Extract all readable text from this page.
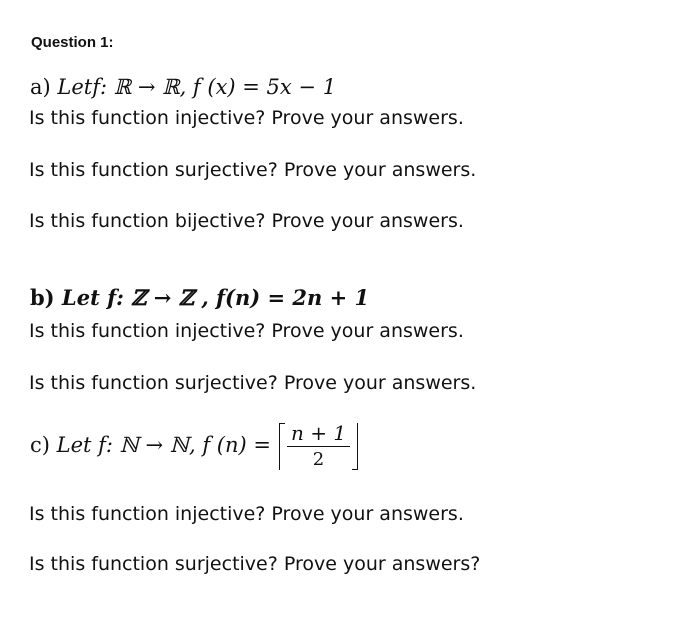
Question 1:
a) Letf: ℝ → ℝ, f (x) = 5x − 1
Is this function injective? Prove your answers.
Is this function surjective? Prove your answers.
Is this function bijective? Prove your answers.
b) Let f: ℤ → ℤ , f(n) = 2n + 1
Is this function injective? Prove your answers.
Is this function surjective? Prove your answers.
c) Let f: ℕ → ℕ, f $(n) = \frac{n + 1}{2}$
Is this function injective? Prove your answers.
Is this function surjective? Prove your answers?
